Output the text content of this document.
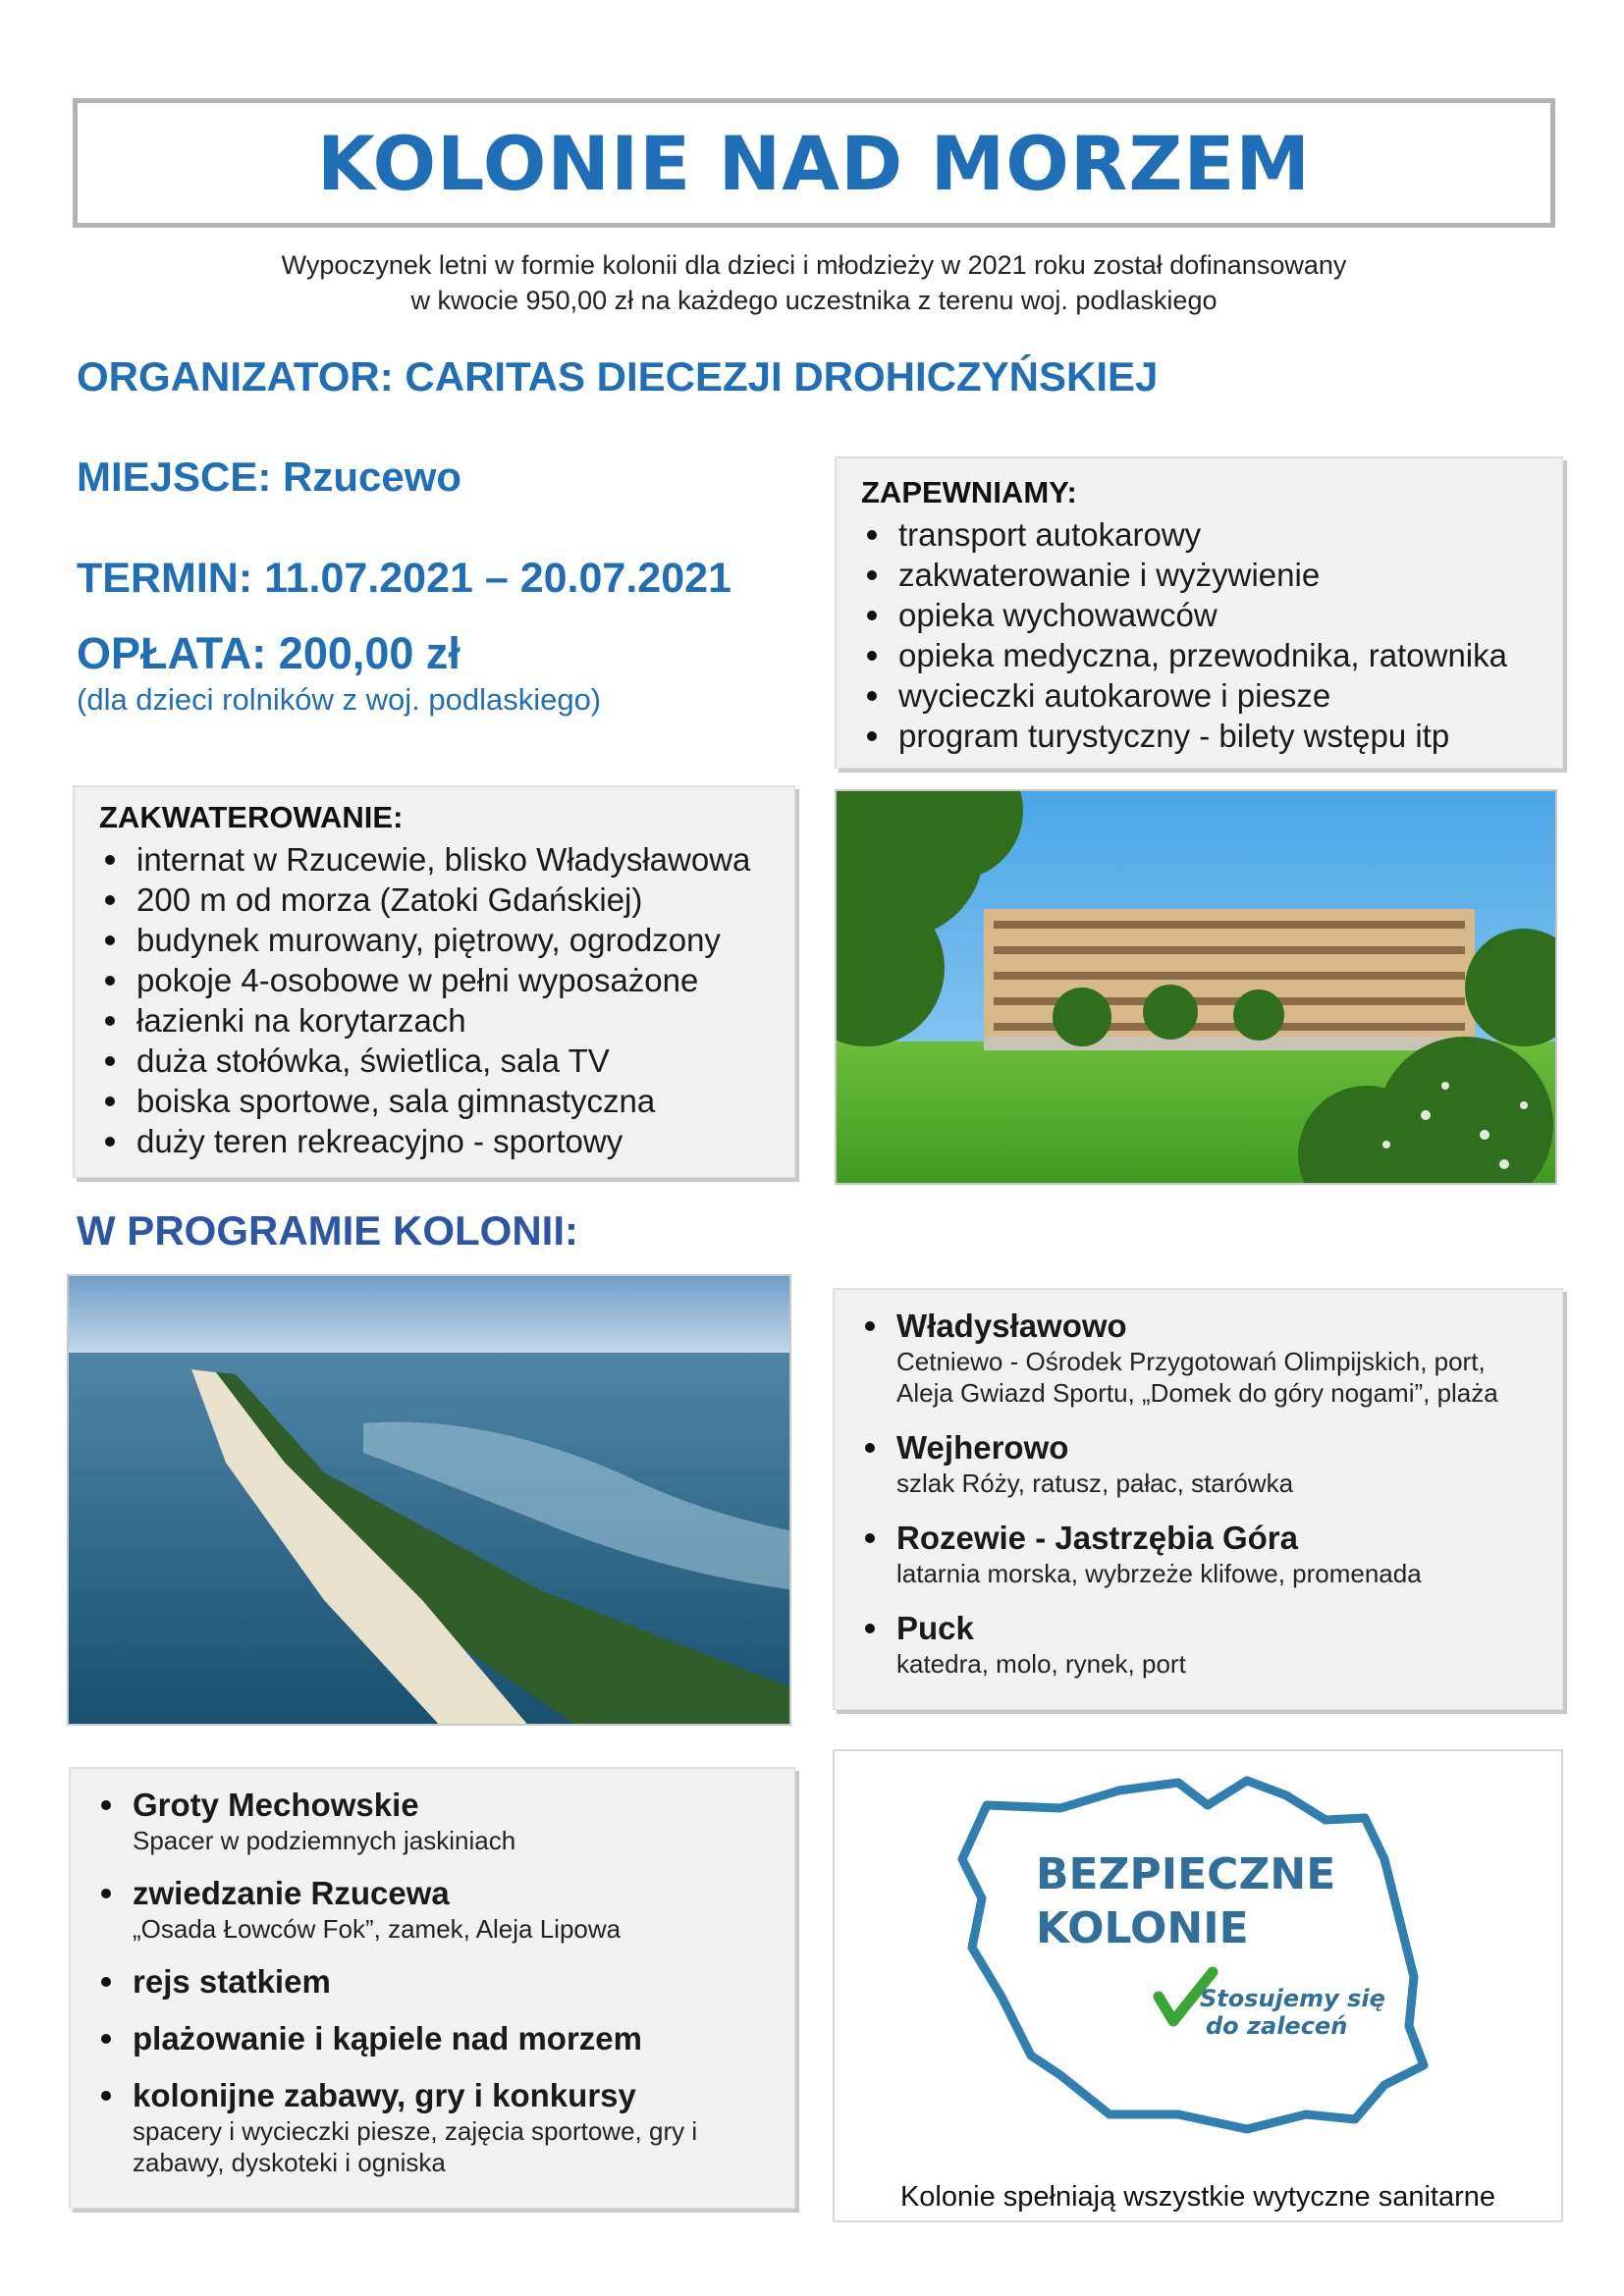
KOLONIE NAD MORZEM
Wypoczynek letni w formie kolonii dla dzieci i młodzieży w 2021 roku został dofinansowany
w kwocie 950,00 zł na każdego uczestnika z terenu woj. podlaskiego
ORGANIZATOR: CARITAS DIECEZJI DROHICZYŃSKIEJ
MIEJSCE: Rzucewo
TERMIN: 11.07.2021 – 20.07.2021
OPŁATA: 200,00 zł
(dla dzieci rolników z woj. podlaskiego)
ZAPEWNIAMY:
transport autokarowy
zakwaterowanie i wyżywienie
opieka wychowawców
opieka medyczna, przewodnika, ratownika
wycieczki autokarowe i piesze
program turystyczny - bilety wstępu itp
ZAKWATEROWANIE:
internat w Rzucewie, blisko Władysławowa
200 m od morza (Zatoki Gdańskiej)
budynek murowany, piętrowy, ogrodzony
pokoje 4-osobowe w pełni wyposażone
łazienki na korytarzach
duża stołówka, świetlica, sala TV
boiska sportowe, sala gimnastyczna
duży teren rekreacyjno - sportowy
W PROGRAMIE KOLONII:
Władysławowo
Cetniewo - Ośrodek Przygotowań Olimpijskich, port, Aleja Gwiazd Sportu, „Domek do góry nogami”, plaża
Wejherowo
szlak Róży, ratusz, pałac, starówka
Rozewie - Jastrzębia Góra
latarnia morska, wybrzeże klifowe, promenada
Puck
katedra, molo, rynek, port
Groty Mechowskie
Spacer w podziemnych jaskiniach
zwiedzanie Rzucewa
„Osada Łowców Fok”, zamek, Aleja Lipowa
rejs statkiem
plażowanie i kąpiele nad morzem
kolonijne zabawy, gry i konkursy
spacery i wycieczki piesze, zajęcia sportowe, gry i zabawy, dyskoteki i ogniska
BEZPIECZNE
KOLONIE
Stosujemy się
do zaleceń
Kolonie spełniają wszystkie wytyczne sanitarne
